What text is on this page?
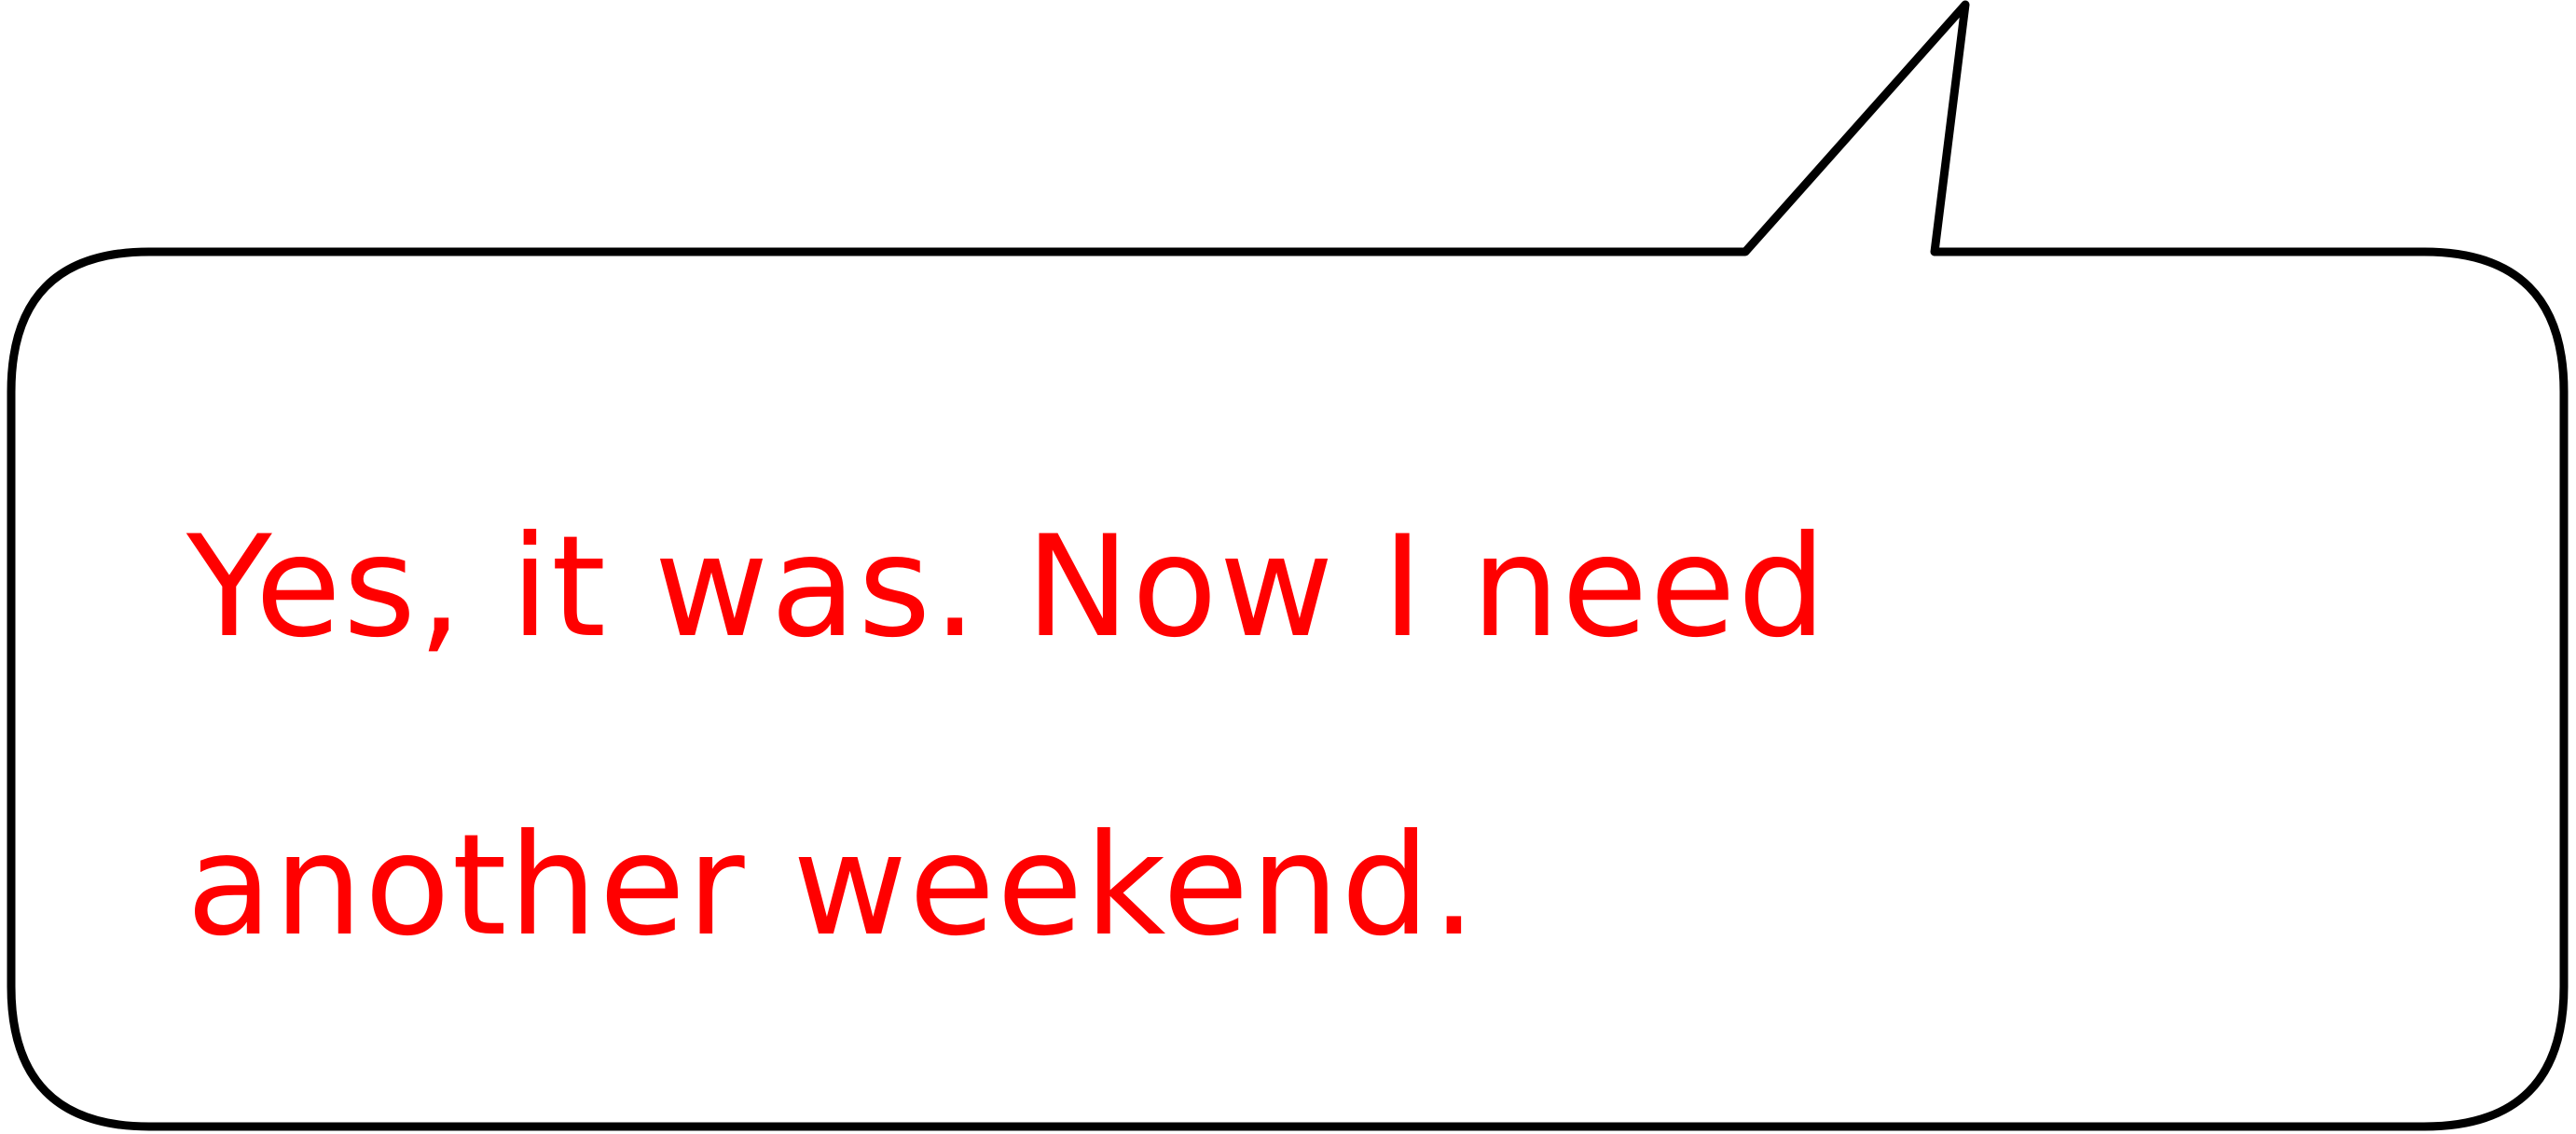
Yes, it was. Now I need
another weekend.
